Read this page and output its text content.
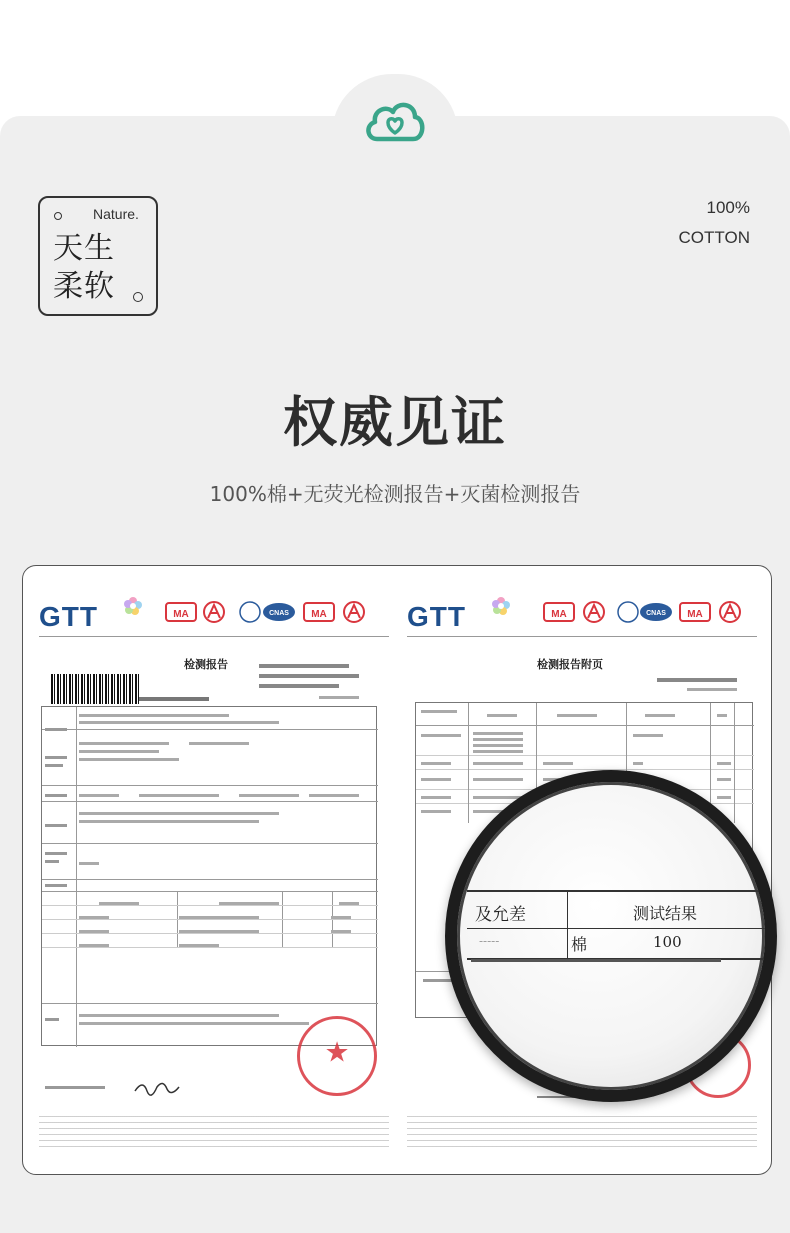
Nature.
天生柔软
100%
COTTON
权威见证
100%棉+无荧光检测报告+灭菌检测报告
GTT	MA	CNAS MA
检测报告
★
GTT	MA	CNAS MA
检测报告附页
及允差	测试结果
-----	棉	100
